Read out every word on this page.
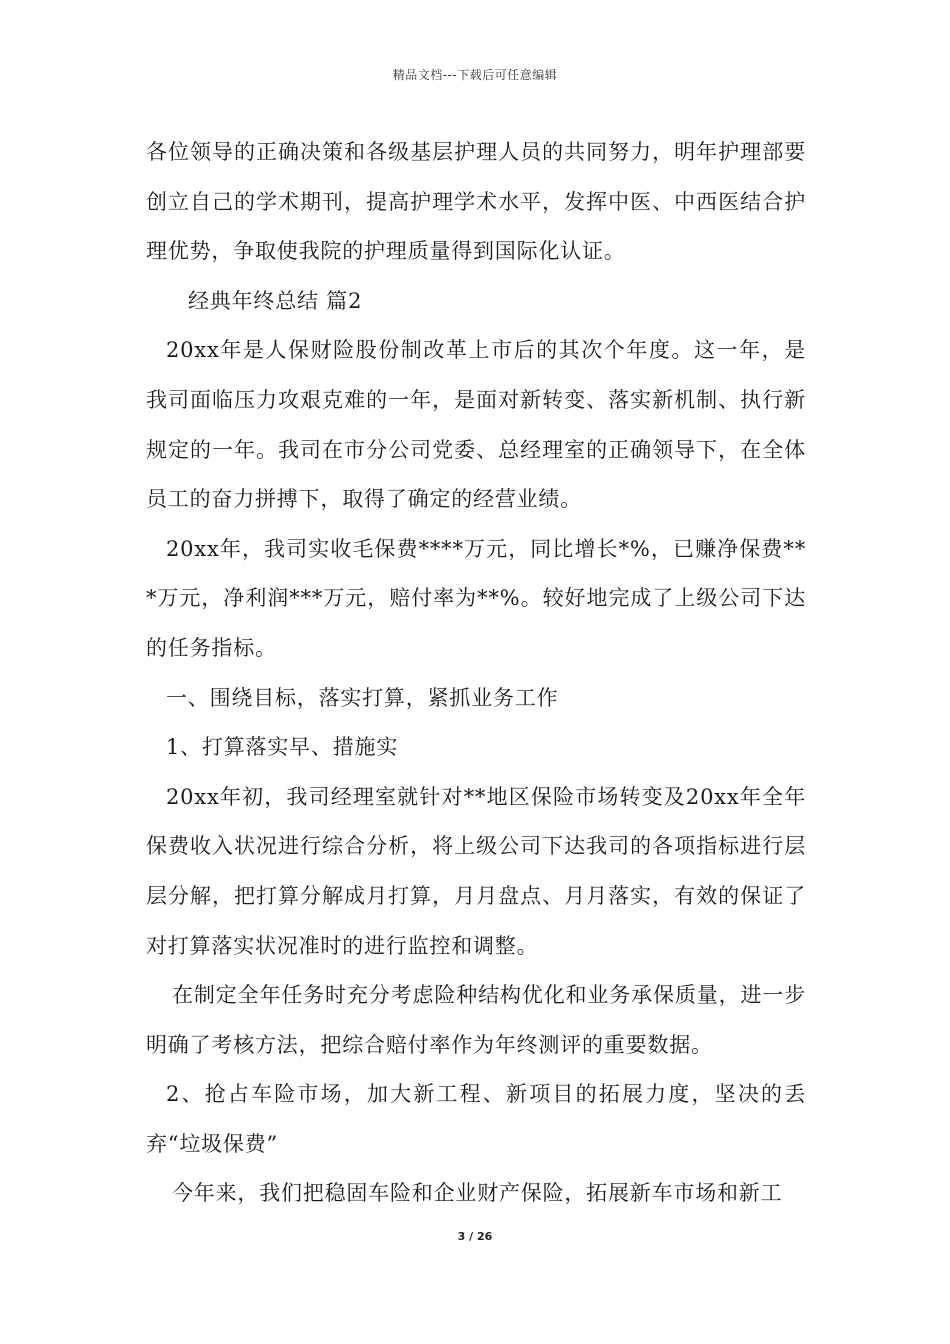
精品文档---下载后可任意编辑

各位领导的正确决策和各级基层护理人员的共同努力，明年护理部要创立自己的学术期刊，提高护理学术水平，发挥中医、中西医结合护理优势，争取使我院的护理质量得到国际化认证。

经典年终总结 篇2

20xx年是人保财险股份制改革上市后的其次个年度。这一年，是我司面临压力攻艰克难的一年，是面对新转变、落实新机制、执行新规定的一年。我司在市分公司党委、总经理室的正确领导下，在全体员工的奋力拼搏下，取得了确定的经营业绩。

20xx年，我司实收毛保费****万元，同比增长*%，已赚净保费***万元，净利润***万元，赔付率为**%。较好地完成了上级公司下达的任务指标。

一、围绕目标，落实打算，紧抓业务工作

1、打算落实早、措施实

20xx年初，我司经理室就针对**地区保险市场转变及20xx年全年保费收入状况进行综合分析，将上级公司下达我司的各项指标进行层层分解，把打算分解成月打算，月月盘点、月月落实，有效的保证了对打算落实状况准时的进行监控和调整。

在制定全年任务时充分考虑险种结构优化和业务承保质量，进一步明确了考核方法，把综合赔付率作为年终测评的重要数据。

2、抢占车险市场，加大新工程、新项目的拓展力度，坚决的丢弃“垃圾保费”

今年来，我们把稳固车险和企业财产保险，拓展新车市场和新工

3 / 26
